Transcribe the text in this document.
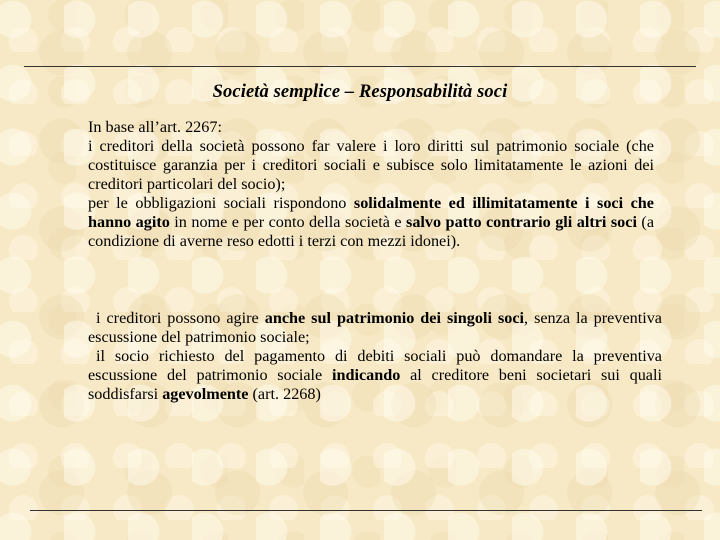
Società semplice – Responsabilità soci

In base all’art. 2267:

i creditori della società possono far valere i loro diritti sul patrimonio sociale (che costituisce garanzia per i creditori sociali e subisce solo limitatamente le azioni dei creditori particolari del socio);

per le obbligazioni sociali rispondono solidalmente ed illimitatamente i soci che hanno agito in nome e per conto della società e salvo patto contrario gli altri soci (a condizione di averne reso edotti i terzi con mezzi idonei).

i creditori possono agire anche sul patrimonio dei singoli soci, senza la preventiva escussione del patrimonio sociale;

il socio richiesto del pagamento di debiti sociali può domandare la preventiva escussione del patrimonio sociale indicando al creditore beni societari sui quali soddisfarsi agevolmente (art. 2268)
